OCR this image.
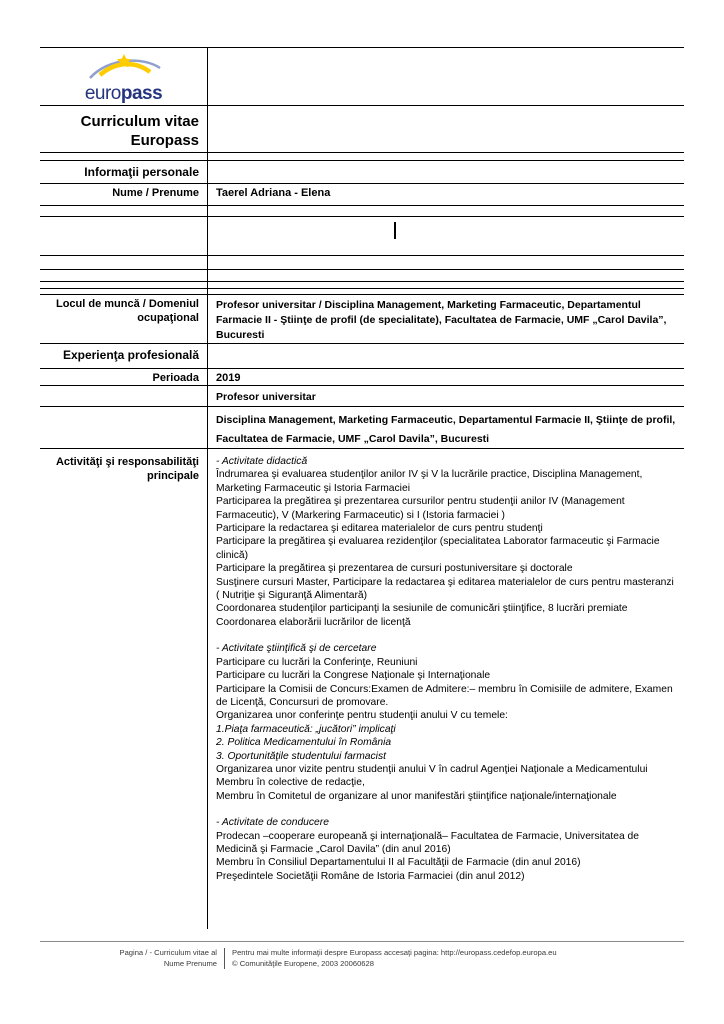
europass
Curriculum vitae
Europass
Informaţii personale
Nume / Prenume	Taerel Adriana - Elena
Locul de muncă / Domeniul ocupaţional
Profesor universitar / Disciplina Management, Marketing Farmaceutic, Departamentul Farmacie II - Ştiinţe de profil (de specialitate), Facultatea de Farmacie, UMF „Carol Davila”, Bucuresti
Experienţa profesională
Perioada	2019
Profesor universitar
Disciplina Management, Marketing Farmaceutic, Departamentul Farmacie II, Ştiinţe de profil,
Facultatea de Farmacie, UMF „Carol Davila”, Bucuresti
Activităţi şi responsabilităţi principale
- Activitate didactică
Îndrumarea şi evaluarea studenţilor anilor IV şi V la lucrările practice, Disciplina Management, Marketing Farmaceutic şi Istoria Farmaciei
Participarea la pregătirea şi prezentarea cursurilor pentru studenţii anilor IV (Management Farmaceutic), V (Markering Farmaceutic) si I (Istoria farmaciei )
Participare la redactarea şi editarea materialelor de curs pentru studenţi
Participare la pregătirea şi evaluarea rezidenţilor (specialitatea Laborator farmaceutic şi Farmacie clinică)
Participare la pregătirea şi prezentarea de cursuri postuniversitare şi doctorale
Susţinere cursuri Master, Participare la redactarea şi editarea materialelor de curs pentru masteranzi ( Nutriţie şi Siguranţă Alimentară)
Coordonarea studenţilor participanţi la sesiunile de comunicări ştiinţifice, 8 lucrări premiate
Coordonarea elaborării lucrărilor de licenţă
- Activitate ştiinţifică şi de cercetare
Participare cu lucrări la Conferinţe, Reuniuni
Participare cu lucrări la Congrese Naţionale şi Internaţionale
Participare la Comisii de Concurs:Examen de Admitere:– membru în Comisiile de admitere, Examen de Licenţă, Concursuri de promovare.
Organizarea unor conferinţe pentru studenţii anului V cu temele:
1.Piaţa farmaceutică: „jucători” implicaţi
2. Politica Medicamentului în România
3. Oportunităţile studentului farmacist
Organizarea unor vizite pentru studenţii anului V în cadrul Agenţiei Naţionale a Medicamentului
Membru în colective de redacţie,
Membru în Comitetul de organizare al unor manifestări ştiinţifice naţionale/internaţionale
- Activitate de conducere
Prodecan –cooperare europeană şi internaţională– Facultatea de Farmacie, Universitatea de Medicină şi Farmacie „Carol Davila” (din anul 2016)
Membru în Consiliul Departamentului II al Facultăţii de Farmacie (din anul 2016)
Preşedintele Societăţii Române de Istoria Farmaciei (din anul 2012)
Pagina / - Curriculum vitae al
Nume Prenume
Pentru mai multe informaţii despre Europass accesaţi pagina: http://europass.cedefop.europa.eu
© Comunităţile Europene, 2003 20060628
